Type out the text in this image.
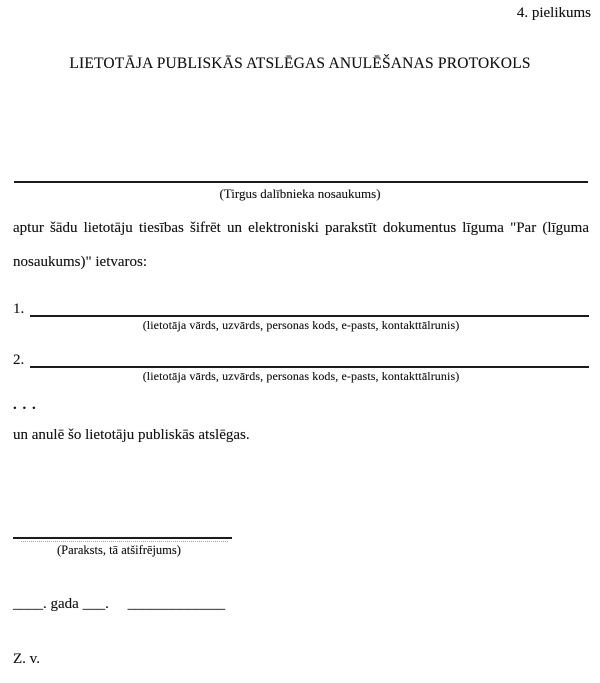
4. pielikums
LIETOTĀJA PUBLISKĀS ATSLĒGAS ANULĒŠANAS PROTOKOLS
(Tirgus dalībnieka nosaukums)
aptur šādu lietotāju tiesības šifrēt un elektroniski parakstīt dokumentus līguma "Par (līguma nosaukums)" ietvaros:
1.
(lietotāja vārds, uzvārds, personas kods, e-pasts, kontakttālrunis)
2.
(lietotāja vārds, uzvārds, personas kods, e-pasts, kontakttālrunis)
. . .
un anulē šo lietotāju publiskās atslēgas.
(Paraksts, tā atšifrējums)
____. gada ___.     _____________
Z. v.
